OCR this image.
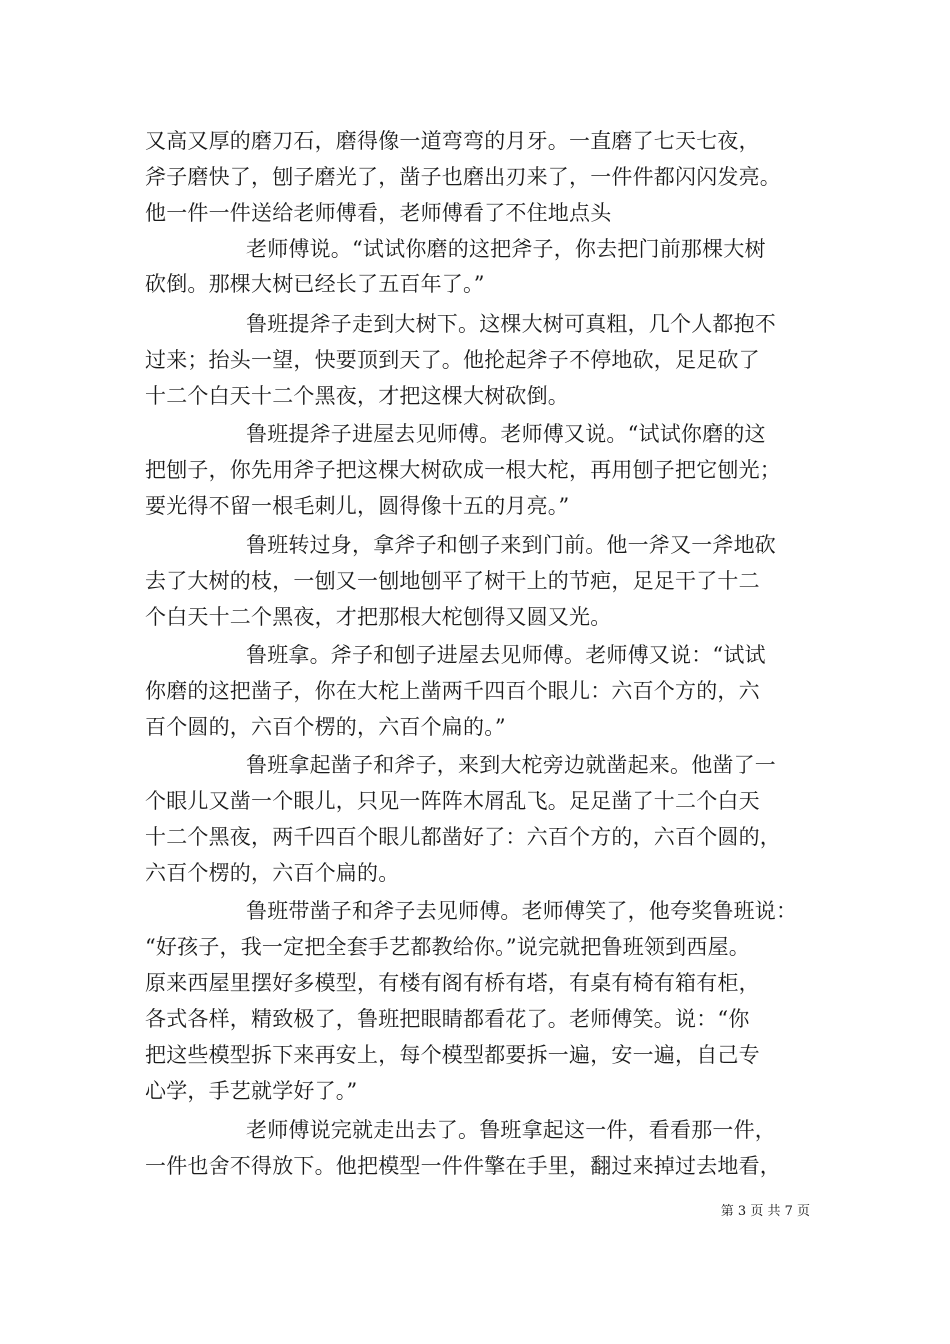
又高又厚的磨刀石，磨得像一道弯弯的月牙。一直磨了七天七夜，
斧子磨快了，刨子磨光了，凿子也磨出刃来了，一件件都闪闪发亮。
他一件一件送给老师傅看，老师傅看了不住地点头
老师傅说。“试试你磨的这把斧子，你去把门前那棵大树
砍倒。那棵大树已经长了五百年了。”
鲁班提斧子走到大树下。这棵大树可真粗，几个人都抱不
过来；抬头一望，快要顶到天了。他抡起斧子不停地砍，足足砍了
十二个白天十二个黑夜，才把这棵大树砍倒。
鲁班提斧子进屋去见师傅。老师傅又说。“试试你磨的这
把刨子，你先用斧子把这棵大树砍成一根大柁，再用刨子把它刨光；
要光得不留一根毛刺儿，圆得像十五的月亮。”
鲁班转过身，拿斧子和刨子来到门前。他一斧又一斧地砍
去了大树的枝，一刨又一刨地刨平了树干上的节疤，足足干了十二
个白天十二个黑夜，才把那根大柁刨得又圆又光。
鲁班拿。斧子和刨子进屋去见师傅。老师傅又说：“试试
你磨的这把凿子，你在大柁上凿两千四百个眼儿：六百个方的，六
百个圆的，六百个楞的，六百个扁的。”
鲁班拿起凿子和斧子，来到大柁旁边就凿起来。他凿了一
个眼儿又凿一个眼儿，只见一阵阵木屑乱飞。足足凿了十二个白天
十二个黑夜，两千四百个眼儿都凿好了：六百个方的，六百个圆的，
六百个楞的，六百个扁的。
鲁班带凿子和斧子去见师傅。老师傅笑了，他夸奖鲁班说：
“好孩子，我一定把全套手艺都教给你。”说完就把鲁班领到西屋。
原来西屋里摆好多模型，有楼有阁有桥有塔，有桌有椅有箱有柜，
各式各样，精致极了，鲁班把眼睛都看花了。老师傅笑。说：“你
把这些模型拆下来再安上，每个模型都要拆一遍，安一遍，自己专
心学，手艺就学好了。”
老师傅说完就走出去了。鲁班拿起这一件，看看那一件，
一件也舍不得放下。他把模型一件件擎在手里，翻过来掉过去地看，
第 3 页 共 7 页
